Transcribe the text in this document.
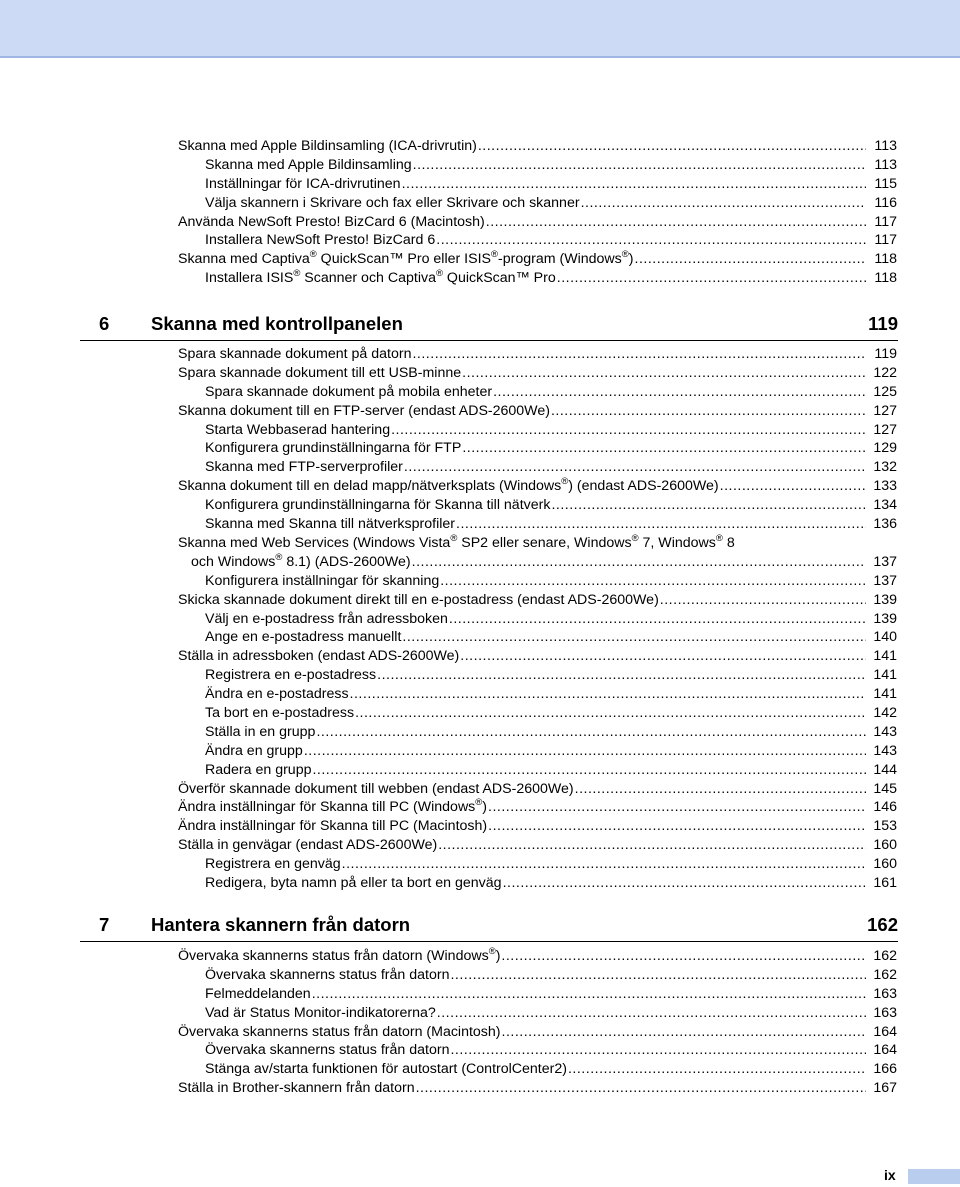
Skanna med Apple Bildinsamling (ICA-drivrutin) .....	113
Skanna med Apple Bildinsamling .....	113
Inställningar för ICA-drivrutinen .....	115
Välja skannern i Skrivare och fax eller Skrivare och skanner .....	116
Använda NewSoft Presto! BizCard 6 (Macintosh) .....	117
Installera NewSoft Presto! BizCard 6 .....	117
Skanna med Captiva® QuickScan™ Pro eller ISIS®-program (Windows®) .....	118
Installera ISIS® Scanner och Captiva® QuickScan™ Pro .....	118
6 Skanna med kontrollpanelen	119
Spara skannade dokument på datorn .....	119
Spara skannade dokument till ett USB-minne .....	122
Spara skannade dokument på mobila enheter .....	125
Skanna dokument till en FTP-server (endast ADS-2600We) .....	127
Starta Webbaserad hantering .....	127
Konfigurera grundinställningarna för FTP .....	129
Skanna med FTP-serverprofiler .....	132
Skanna dokument till en delad mapp/nätverksplats (Windows®) (endast ADS-2600We) .....	133
Konfigurera grundinställningarna för Skanna till nätverk .....	134
Skanna med Skanna till nätverksprofiler .....	136
Skanna med Web Services (Windows Vista® SP2 eller senare, Windows® 7, Windows® 8
och Windows® 8.1) (ADS-2600We) .....	137
Konfigurera inställningar för skanning .....	137
Skicka skannade dokument direkt till en e-postadress (endast ADS-2600We) .....	139
Välj en e-postadress från adressboken .....	139
Ange en e-postadress manuellt .....	140
Ställa in adressboken (endast ADS-2600We) .....	141
Registrera en e-postadress .....	141
Ändra en e-postadress .....	141
Ta bort en e-postadress .....	142
Ställa in en grupp .....	143
Ändra en grupp .....	143
Radera en grupp .....	144
Överför skannade dokument till webben (endast ADS-2600We) .....	145
Ändra inställningar för Skanna till PC (Windows®) .....	146
Ändra inställningar för Skanna till PC (Macintosh) .....	153
Ställa in genvägar (endast ADS-2600We) .....	160
Registrera en genväg .....	160
Redigera, byta namn på eller ta bort en genväg .....	161
7 Hantera skannern från datorn	162
Övervaka skannerns status från datorn (Windows®) .....	162
Övervaka skannerns status från datorn .....	162
Felmeddelanden .....	163
Vad är Status Monitor-indikatorerna? .....	163
Övervaka skannerns status från datorn (Macintosh) .....	164
Övervaka skannerns status från datorn .....	164
Stänga av/starta funktionen för autostart (ControlCenter2) .....	166
Ställa in Brother-skannern från datorn .....	167
ix
